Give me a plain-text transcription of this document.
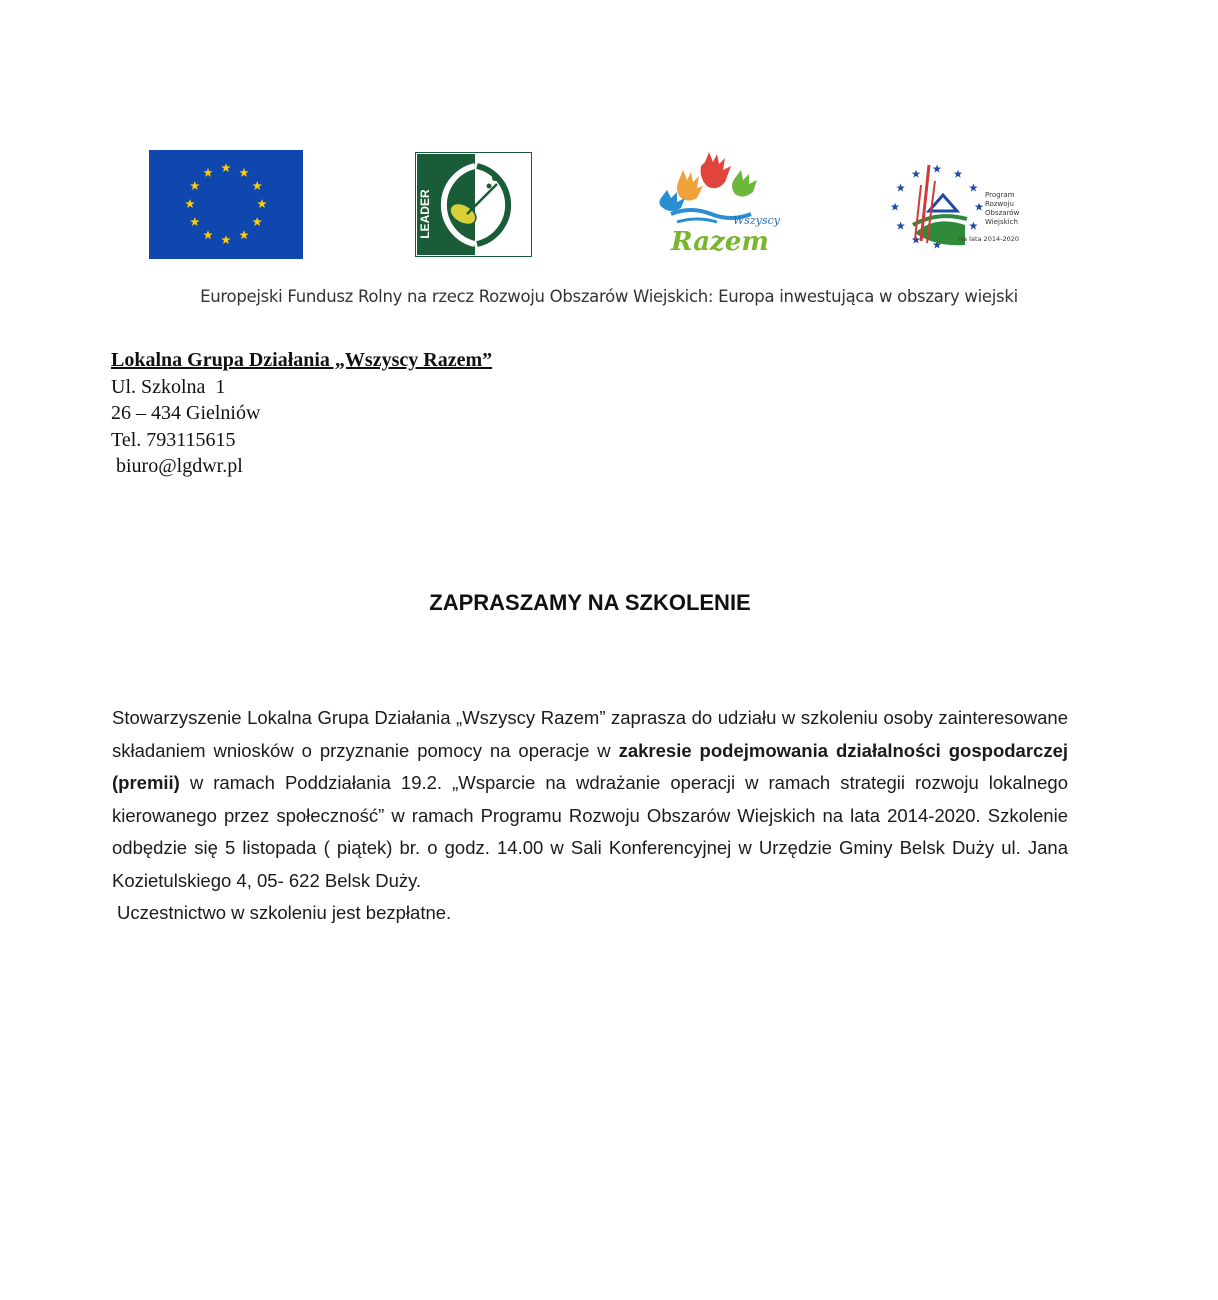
LEADER	Wszyscy
Razem
Program
Rozwoju
Obszarów
Wiejskich
na lata 2014-2020
Europejski Fundusz Rolny na rzecz Rozwoju Obszarów Wiejskich: Europa inwestująca w obszary wiejski
Lokalna Grupa Działania „Wszyscy Razem”
Ul. Szkolna  1
26 – 434 Gielniów
Tel. 793115615
biuro@lgdwr.pl
ZAPRASZAMY NA SZKOLENIE
Stowarzyszenie Lokalna Grupa Działania „Wszyscy Razem” zaprasza do udziału w szkoleniu osoby zainteresowane składaniem wniosków o przyznanie pomocy na operacje w zakresie podejmowania działalności gospodarczej (premii) w ramach Poddziałania 19.2. „Wsparcie na wdrażanie operacji w ramach strategii rozwoju lokalnego kierowanego przez społeczność” w ramach Programu Rozwoju Obszarów Wiejskich na lata 2014-2020. Szkolenie odbędzie się 5 listopada ( piątek) br. o godz. 14.00 w Sali Konferencyjnej w Urzędzie Gminy Belsk Duży ul. Jana Kozietulskiego 4, 05- 622 Belsk Duży.
Uczestnictwo w szkoleniu jest bezpłatne.
